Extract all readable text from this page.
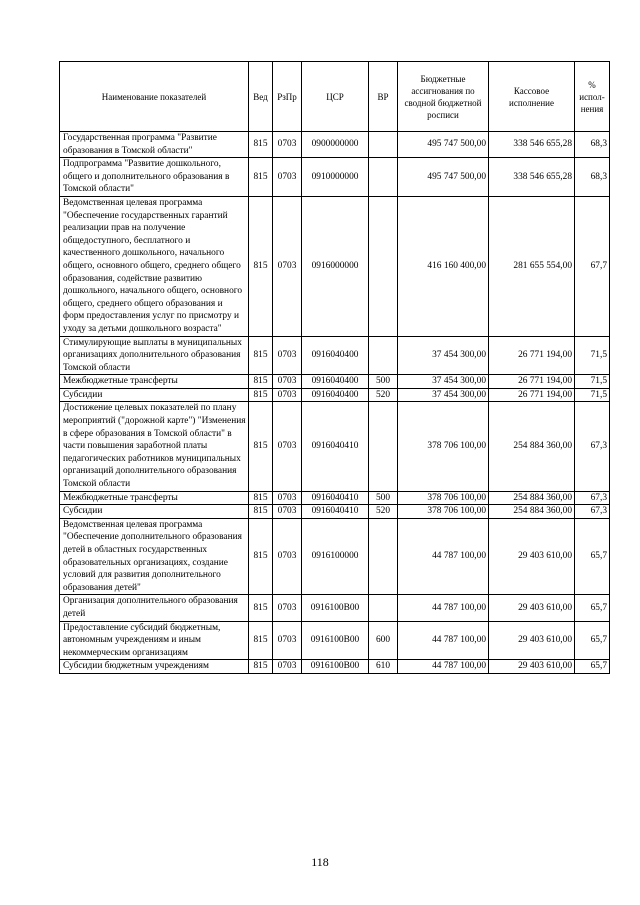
Наименование показателей	Вед	РзПр	ЦСР	ВР	Бюджетные ассигнования по сводной бюджетной росписи	Кассовое исполнение	% испол-нения
Государственная программа "Развитие образования в Томской области"	815	0703	0900000000		495 747 500,00	338 546 655,28	68,3
Подпрограмма "Развитие дошкольного, общего и дополнительного образования в Томской области"	815	0703	0910000000		495 747 500,00	338 546 655,28	68,3
Ведомственная целевая программа "Обеспечение государственных гарантий реализации прав на получение общедоступного, бесплатного и качественного дошкольного, начального общего, основного общего, среднего общего образования, содействие развитию дошкольного, начального общего, основного общего, среднего общего образования и форм предоставления услуг по присмотру и уходу за детьми дошкольного возраста"	815	0703	0916000000		416 160 400,00	281 655 554,00	67,7
Стимулирующие выплаты в муниципальных организациях дополнительного образования Томской области	815	0703	0916040400		37 454 300,00	26 771 194,00	71,5
Межбюджетные трансферты	815	0703	0916040400	500	37 454 300,00	26 771 194,00	71,5
Субсидии	815	0703	0916040400	520	37 454 300,00	26 771 194,00	71,5
Достижение целевых показателей по плану мероприятий ("дорожной карте") "Изменения в сфере образования в Томской области" в части повышения заработной платы педагогических работников муниципальных организаций дополнительного образования Томской области	815	0703	0916040410		378 706 100,00	254 884 360,00	67,3
Межбюджетные трансферты	815	0703	0916040410	500	378 706 100,00	254 884 360,00	67,3
Субсидии	815	0703	0916040410	520	378 706 100,00	254 884 360,00	67,3
Ведомственная целевая программа "Обеспечение дополнительного образования детей в областных государственных образовательных организациях, создание условий для развития дополнительного образования детей"	815	0703	0916100000		44 787 100,00	29 403 610,00	65,7
Организация дополнительного образования детей	815	0703	0916100В00		44 787 100,00	29 403 610,00	65,7
Предоставление субсидий бюджетным, автономным учреждениям и иным некоммерческим организациям	815	0703	0916100В00	600	44 787 100,00	29 403 610,00	65,7
Субсидии бюджетным учреждениям	815	0703	0916100В00	610	44 787 100,00	29 403 610,00	65,7
118
